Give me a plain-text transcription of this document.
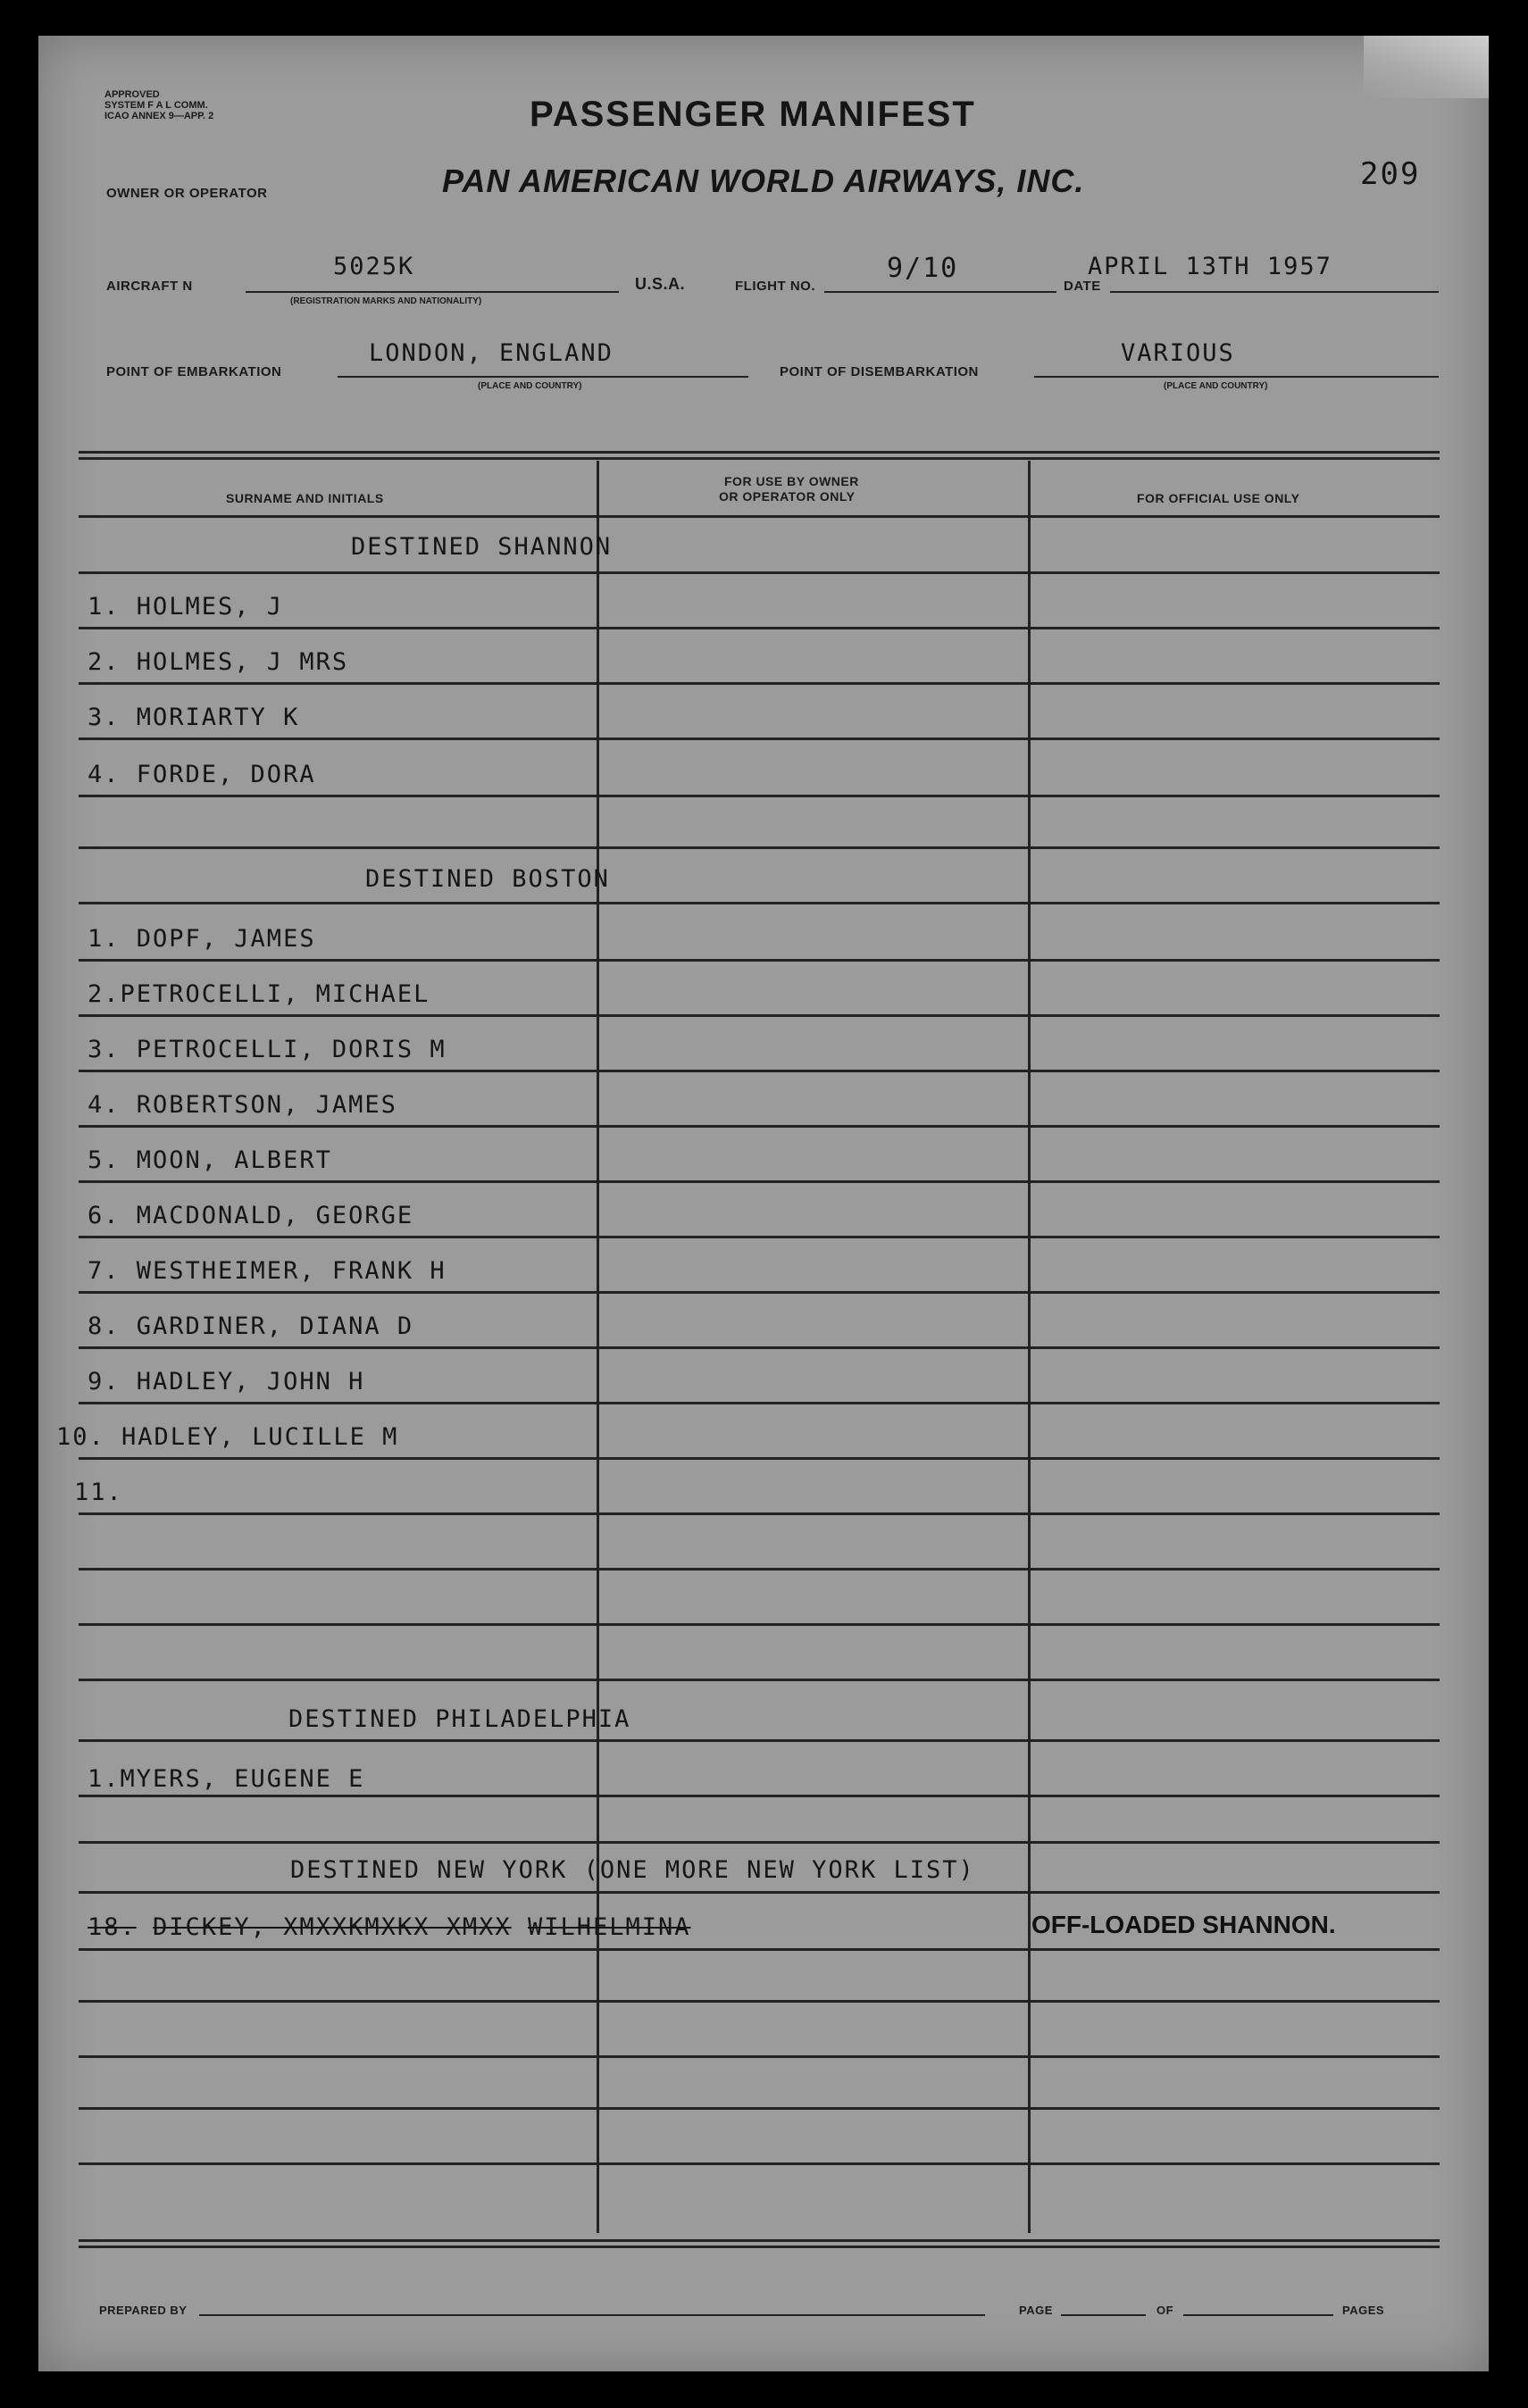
APPROVED
SYSTEM F A L COMM.
ICAO ANNEX 9—APP. 2	PASSENGER MANIFEST
209
OWNER OR OPERATOR	PAN AMERICAN WORLD AIRWAYS, INC.
AIRCRAFT N
5025K
(REGISTRATION MARKS AND NATIONALITY)
U.S.A.	FLIGHT NO.
9/10
DATE
APRIL 13TH 1957
POINT OF EMBARKATION
LONDON, ENGLAND
(PLACE AND COUNTRY)
POINT OF DISEMBARKATION
VARIOUS
(PLACE AND COUNTRY)
SURNAME AND INITIALS
FOR USE BY OWNER
OR OPERATOR ONLY	FOR OFFICIAL USE ONLY
DESTINED SHANNON
1. HOLMES, J
2. HOLMES, J MRS
3. MORIARTY K
4. FORDE, DORA
DESTINED BOSTON
1. DOPF, JAMES
2.PETROCELLI, MICHAEL
3. PETROCELLI, DORIS M
4. ROBERTSON, JAMES
5. MOON, ALBERT
6. MACDONALD, GEORGE
7. WESTHEIMER, FRANK H
8. GARDINER, DIANA D
9. HADLEY, JOHN H
10. HADLEY, LUCILLE M
11.
DESTINED PHILADELPHIA
1.MYERS, EUGENE E
DESTINED NEW YORK (ONE MORE NEW YORK LIST)
18. DICKEY, XMXXKMXKX XMXX WILHELMINA	OFF-LOADED SHANNON.
PREPARED BY	PAGE	OF	PAGES
